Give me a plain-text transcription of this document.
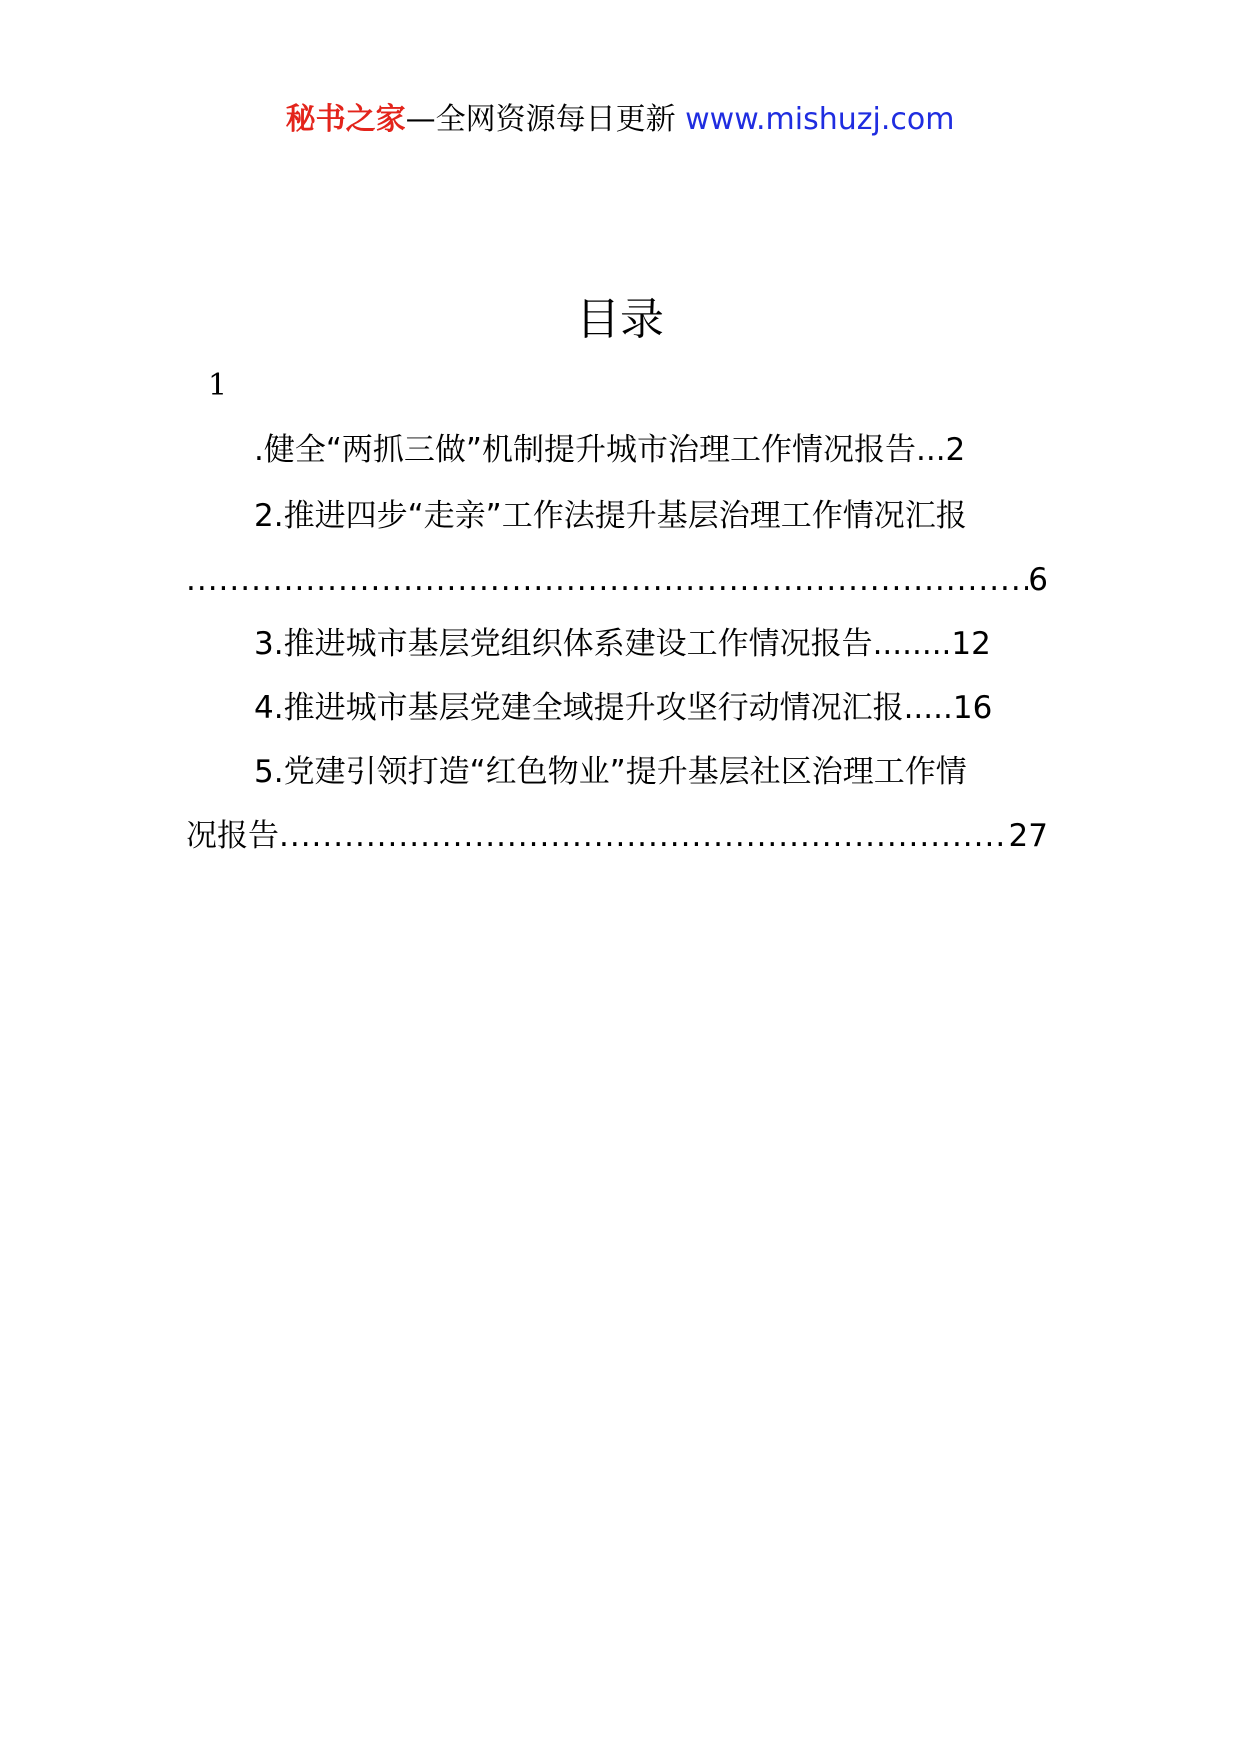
秘书之家—全网资源每日更新 www.mishuzj.com
目录
1
.健全“两抓三做”机制提升城市治理工作情况报告 ... 2
2.推进四步“走亲”工作法提升基层治理工作情况汇报
.....
6
3.推进城市基层党组织体系建设工作情况报告 ........ 12
4.推进城市基层党建全域提升攻坚行动情况汇报 ..... 16
5.党建引领打造“红色物业”提升基层社区治理工作情
况报告 .....	27
